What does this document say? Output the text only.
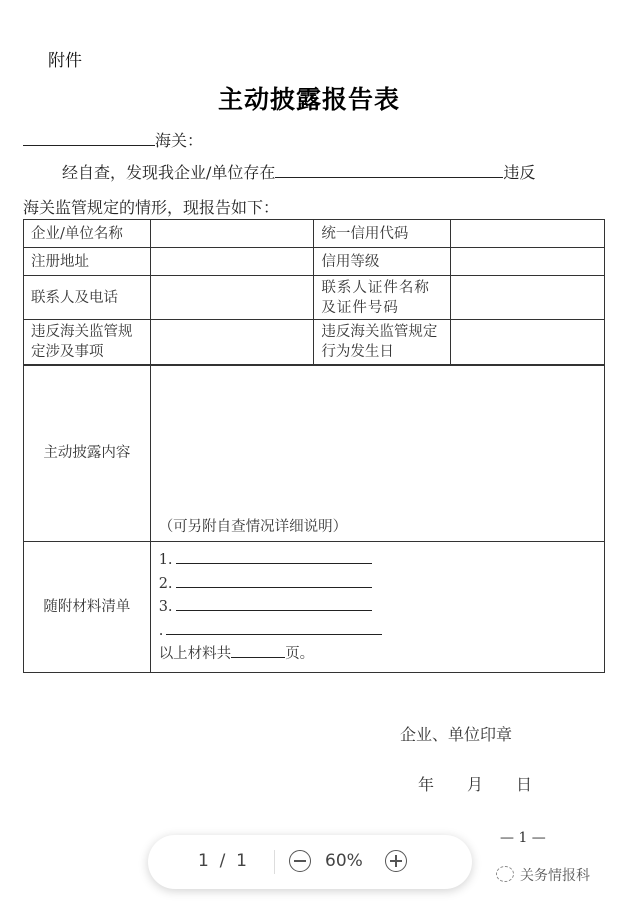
附件
主动披露报告表
海关：
经自查，发现我企业/单位存在	违反
海关监管规定的情形，现报告如下：
企业/单位名称		统一信用代码	
注册地址		信用等级	
联系人及电话		联系人证件名称及证件号码	
违反海关监管规定涉及事项		违反海关监管规定行为发生日	
主动披露内容	（可另附自查情况详细说明）		
随附材料清单	1.
2.
3.
.
以上材料共 页。		
企业、单位印章
年 月 日
— 1 —
1  /  1	60%
关务情报科
